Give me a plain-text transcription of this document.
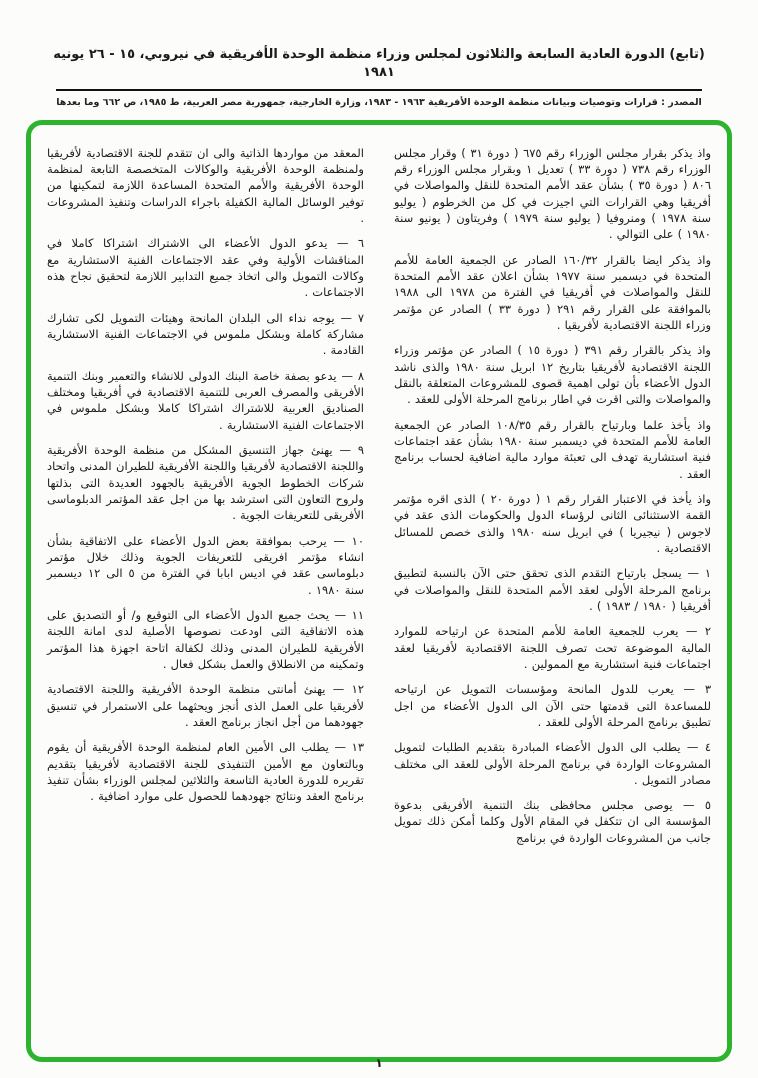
(تابع) الدورة العادية السابعة والثلاثون لمجلس وزراء منظمة الوحدة الأفريقية في نيروبي، ١٥ - ٢٦ يونيه ١٩٨١
المصدر : قرارات وتوصيات وبيانات منظمة الوحدة الأفريقية ١٩٦٣ - ١٩٨٣، وزارة الخارجية، جمهورية مصر العربية، ط ١٩٨٥، ص ٦٦٢ وما بعدها

واذ يذكر بقرار مجلس الوزراء رقم ٦٧٥ ( دورة ٣١ ) وقرار مجلس الوزراء رقم ٧٣٨ ( دورة ٣٣ ) تعديل ١ وبقرار مجلس الوزراء رقم ٨٠٦ ( دورة ٣٥ ) بشأن عقد الأمم المتحدة للنقل والمواصلات في أفريقيا وهي القرارات التي اجيزت في كل من الخرطوم ( يوليو سنة ١٩٧٨ ) ومنروفيا ( يوليو سنة ١٩٧٩ ) وفريتاون ( يونيو سنة ١٩٨٠ ) على التوالي .

واذ يذكر ايضا بالقرار ١٦٠/٣٢ الصادر عن الجمعية العامة للأمم المتحدة في ديسمبر سنة ١٩٧٧ بشأن اعلان عقد الأمم المتحدة للنقل والمواصلات في أفريقيا في الفترة من ١٩٧٨ الى ١٩٨٨ بالموافقة على القرار رقم ٢٩١ ( دورة ٣٣ ) الصادر عن مؤتمر وزراء اللجنة الاقتصادية لأفريقيا .

واذ يذكر بالقرار رقم ٣٩١ ( دورة ١٥ ) الصادر عن مؤتمر وزراء اللجنة الاقتصادية لأفريقيا بتاريخ ١٢ ابريل سنة ١٩٨٠ والذى ناشد الدول الأعضاء بأن تولى اهمية قصوى للمشروعات المتعلقة بالنقل والمواصلات والتى اقرت في اطار برنامج المرحلة الأولى للعقد .

واذ يأخذ علما وبارتياح بالقرار رقم ١٠٨/٣٥ الصادر عن الجمعية العامة للأمم المتحدة في ديسمبر سنة ١٩٨٠ بشأن عقد اجتماعات فنية استشارية تهدف الى تعبئة موارد مالية اضافية لحساب برنامج العقد .

واذ يأخذ في الاعتبار القرار رقم ١ ( دورة ٢٠ ) الذى اقره مؤتمر القمة الاستثنائى الثانى لرؤساء الدول والحكومات الذى عقد في لاجوس ( نيجيريا ) في ابريل سنه ١٩٨٠ والذى خصص للمسائل الاقتصادية .

١ — يسجل بارتياح التقدم الذى تحقق حتى الآن بالنسبة لتطبيق برنامج المرحلة الأولى لعقد الأمم المتحدة للنقل والمواصلات في أفريقيا ( ١٩٨٠ / ١٩٨٣ ) .

٢ — يعرب للجمعية العامة للأمم المتحدة عن ارتياحه للموارد المالية الموضوعة تحت تصرف اللجنة الاقتصادية لأفريقيا لعقد اجتماعات فنية استشارية مع الممولين .

٣ — يعرب للدول المانحة ومؤسسات التمويل عن ارتياحه للمساعدة التى قدمتها حتى الآن الى الدول الأعضاء من اجل تطبيق برنامج المرحلة الأولى للعقد .

٤ — يطلب الى الدول الأعضاء المبادرة بتقديم الطلبات لتمويل المشروعات الواردة في برنامج المرحلة الأولى للعقد الى مختلف مصادر التمويل .

٥ — يوصى مجلس محافظى بنك التنمية الأفريقى بدعوة المؤسسة الى ان تتكفل في المقام الأول وكلما أمكن ذلك تمويل جانب من المشروعات الواردة في برنامج

المعقد من مواردها الذاتية والى ان تتقدم للجنة الاقتصادية لأفريقيا ولمنظمة الوحدة الأفريقية والوكالات المتخصصة التابعة لمنظمة الوحدة الأفريقية والأمم المتحدة المساعدة اللازمة لتمكينها من توفير الوسائل المالية الكفيلة باجراء الدراسات وتنفيذ المشروعات .

٦ — يدعو الدول الأعضاء الى الاشتراك اشتراكا كاملا في المناقشات الأولية وفي عقد الاجتماعات الفنية الاستشارية مع وكالات التمويل والى اتخاذ جميع التدابير اللازمة لتحقيق نجاح هذه الاجتماعات .

٧ — يوجه نداء الى البلدان المانحة وهيئات التمويل لكى تشارك مشاركة كاملة وبشكل ملموس في الاجتماعات الفنية الاستشارية القادمة .

٨ — يدعو بصفة خاصة البنك الدولى للانشاء والتعمير وبنك التنمية الأفريقى والمصرف العربى للتنمية الاقتصادية في أفريقيا ومختلف الصناديق العربية للاشتراك اشتراكا كاملا وبشكل ملموس في الاجتماعات الفنية الاستشارية .

٩ — يهنئ جهاز التنسيق المشكل من منظمة الوحدة الأفريقية واللجنة الاقتصادية لأفريقيا واللجنة الأفريقية للطيران المدنى واتحاد شركات الخطوط الجوية الأفريقية بالجهود العديدة التى بذلتها ولروح التعاون التى استرشد بها من اجل عقد المؤتمر الدبلوماسى الأفريقى للتعريفات الجوية .

١٠ — يرحب بموافقة بعض الدول الأعضاء على الاتفاقية بشأن انشاء مؤتمر افريقى للتعريفات الجوية وذلك خلال مؤتمر دبلوماسى عقد في اديس ابابا في الفترة من ٥ الى ١٢ ديسمبر سنة ١٩٨٠ .

١١ — يحث جميع الدول الأعضاء الى التوقيع و/ أو التصديق على هذه الاتفاقية التى اودعت نصوصها الأصلية لدى امانة اللجنة الأفريقية للطيران المدنى وذلك لكفالة اتاحة اجهزة هذا المؤتمر وتمكينه من الانطلاق والعمل بشكل فعال .

١٢ — يهنئ أمانتى منظمة الوحدة الأفريقية واللجنة الاقتصادية لأفريقيا على العمل الذى أنجز ويحثهما على الاستمرار في تنسيق جهودهما من أجل انجاز برنامج العقد .

١٣ — يطلب الى الأمين العام لمنظمة الوحدة الأفريقية أن يقوم وبالتعاون مع الأمين التنفيذى للجنة الاقتصادية لأفريقيا بتقديم تقريره للدورة العادية التاسعة والثلاثين لمجلس الوزراء بشأن تنفيذ برنامج العقد ونتائج جهودهما للحصول على موارد اضافية .

١
